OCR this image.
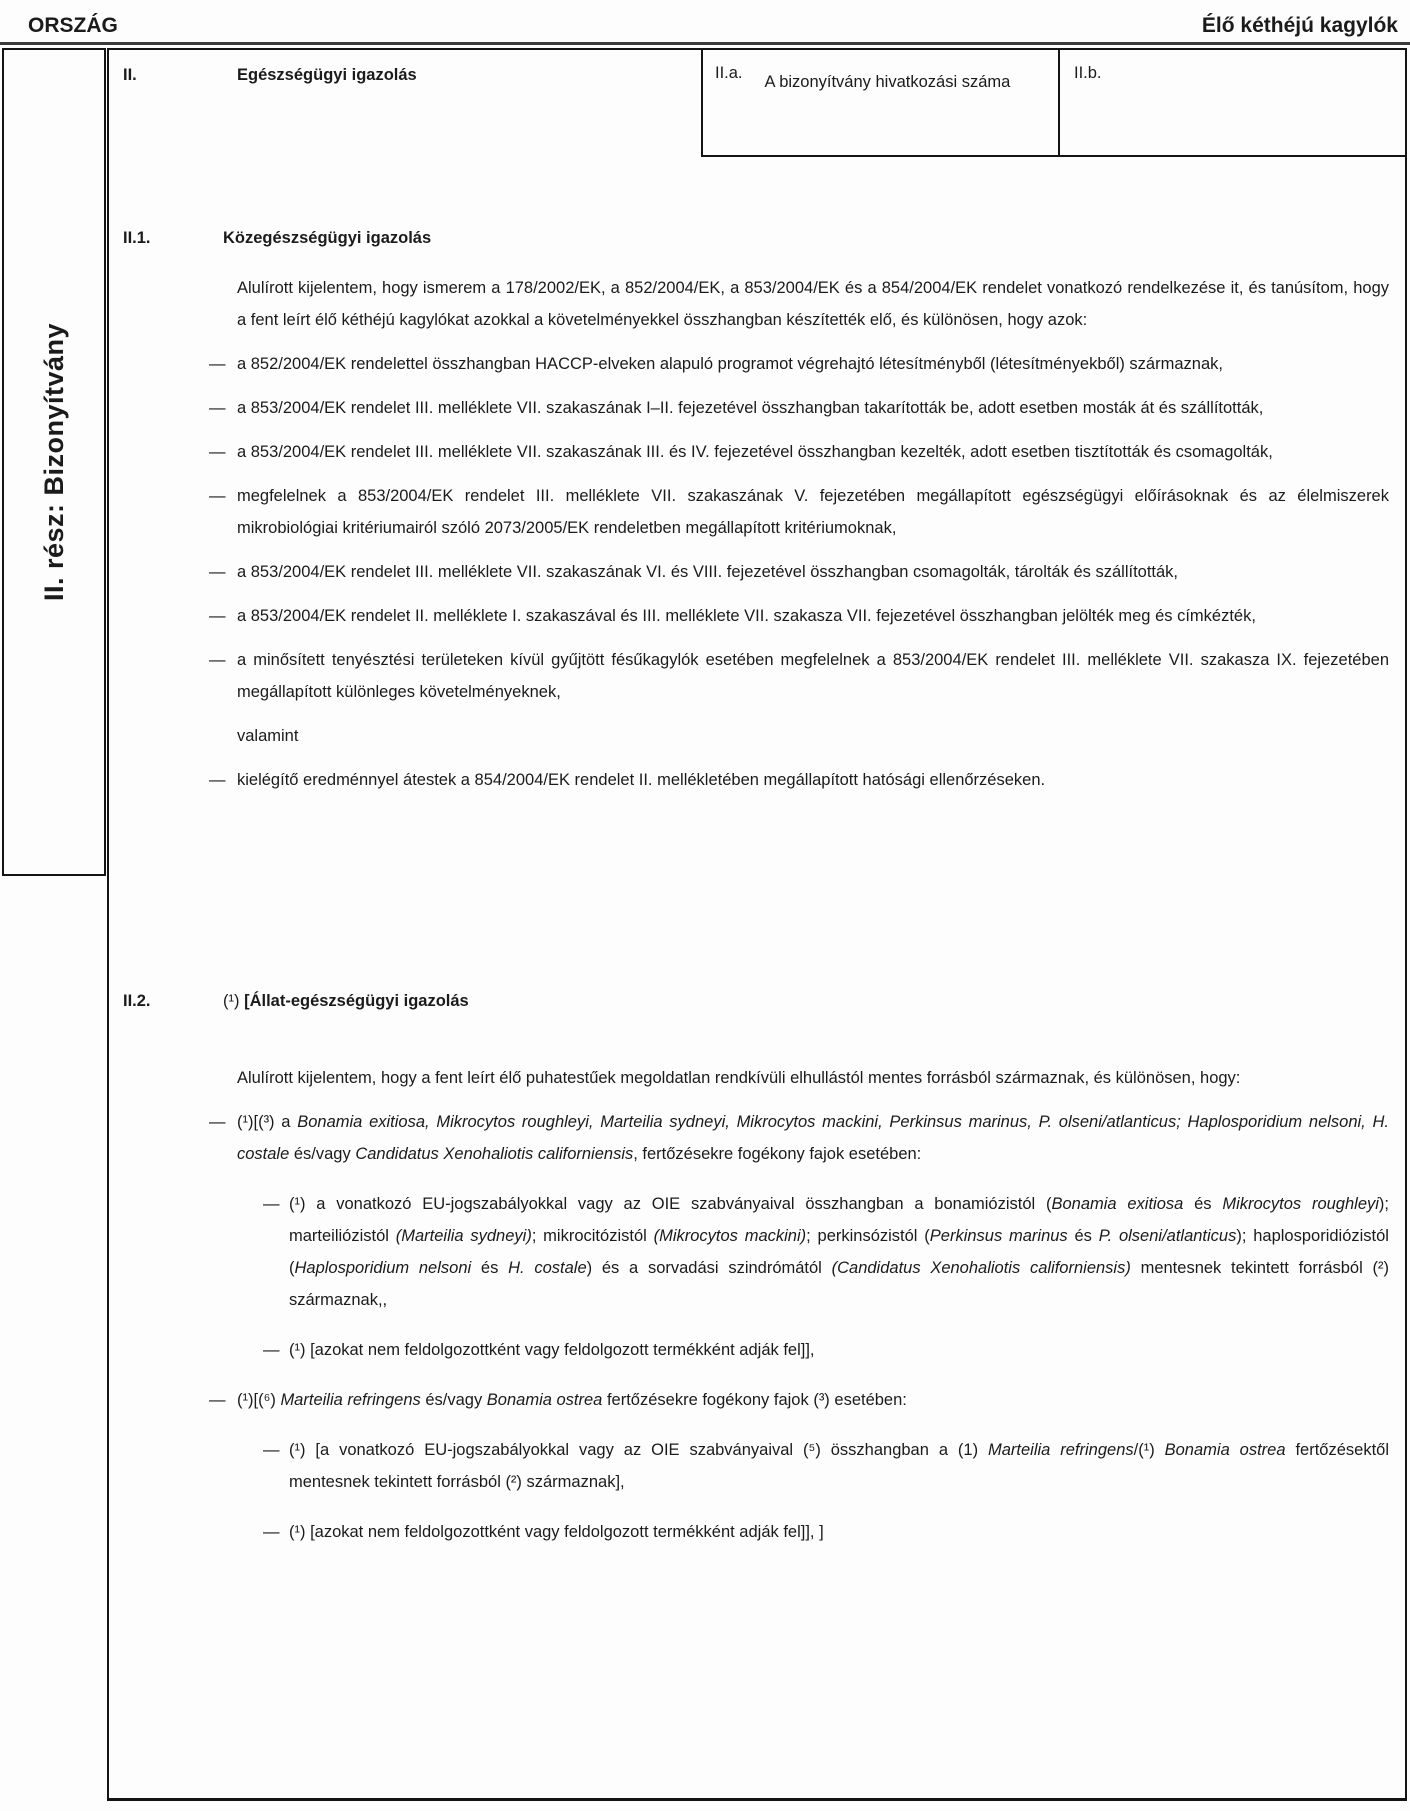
ORSZÁG	Élő kéthéjú kagylók
II. rész: Bizonyítvány
II.	Egészségügyi igazolás	II.a. A bizonyítvány hivatkozási száma	II.b.
II.1.	Közegészségügyi igazolás

Alulírott kijelentem, hogy ismerem a 178/2002/EK, a 852/2004/EK, a 853/2004/EK és a 854/2004/EK rendelet vonatkozó rendelkezése it, és tanúsítom, hogy a fent leírt élő kéthéjú kagylókat azokkal a követelményekkel összhangban készítették elő, és különösen, hogy azok:

— a 852/2004/EK rendelettel összhangban HACCP-elveken alapuló programot végrehajtó létesítményből (létesítményekből) származnak,
— a 853/2004/EK rendelet III. melléklete VII. szakaszának I–II. fejezetével összhangban takarították be, adott esetben mosták át és szállították,
— a 853/2004/EK rendelet III. melléklete VII. szakaszának III. és IV. fejezetével összhangban kezelték, adott esetben tisztították és csomagolták,
— megfelelnek a 853/2004/EK rendelet III. melléklete VII. szakaszának V. fejezetében megállapított egészségügyi előírásoknak és az élelmiszerek mikrobiológiai kritériumairól szóló 2073/2005/EK rendeletben megállapított kritériumoknak,
— a 853/2004/EK rendelet III. melléklete VII. szakaszának VI. és VIII. fejezetével összhangban csomagolták, tárolták és szállították,
— a 853/2004/EK rendelet II. melléklete I. szakaszával és III. melléklete VII. szakasza VII. fejezetével összhangban jelölték meg és címkézték,
— a minősített tenyésztési területeken kívül gyűjtött fésűkagylók esetében megfelelnek a 853/2004/EK rendelet III. melléklete VII. szakasza IX. fejezetében megállapított különleges követelményeknek,
valamint
— kielégítő eredménnyel átestek a 854/2004/EK rendelet II. mellékletében megállapított hatósági ellenőrzéseken.
II.2.	(¹) [Állat-egészségügyi igazolás

Alulírott kijelentem, hogy a fent leírt élő puhatestűek megoldatlan rendkívüli elhullástól mentes forrásból származnak, és különösen, hogy:

— (¹)[(³) a Bonamia exitiosa, Mikrocytos roughleyi, Marteilia sydneyi, Mikrocytos mackini, Perkinsus marinus, P. olseni/atlanticus; Haplosporidium nelsoni, H. costale és/vagy Candidatus Xenohaliotis californiensis, fertőzésekre fogékony fajok esetében:
— (¹) a vonatkozó EU-jogszabályokkal vagy az OIE szabványaival összhangban a bonamiózistól (Bonamia exitiosa és Mikrocytos roughleyi); marteiliózistól (Marteilia sydneyi); mikrocitózistól (Mikrocytos mackini); perkinsózistól (Perkinsus marinus és P. olseni/atlanticus); haplosporidiózistól (Haplosporidium nelsoni és H. costale) és a sorvadási szindrómától (Candidatus Xenohaliotis californiensis) mentesnek tekintett forrásból (²) származnak,,
— (¹) [azokat nem feldolgozottként vagy feldolgozott termékként adják fel]],
— (¹)[(⁶) Marteilia refringens és/vagy Bonamia ostrea fertőzésekre fogékony fajok (³) esetében:
— (¹) [a vonatkozó EU-jogszabályokkal vagy az OIE szabványaival (⁵) összhangban a (1) Marteilia refringens/(¹) Bonamia ostrea fertőzésektől mentesnek tekintett forrásból (²) származnak],
— (¹) [azokat nem feldolgozottként vagy feldolgozott termékként adják fel]], ]
